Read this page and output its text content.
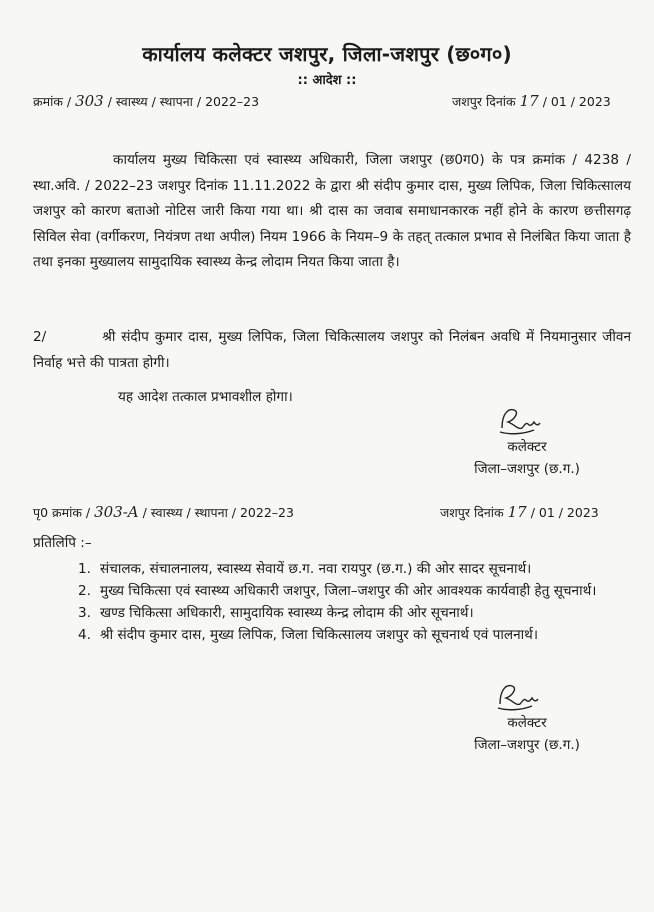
कार्यालय कलेक्टर जशपुर, जिला-जशपुर (छ०ग०)
:: आदेश ::
क्रमांक / 303 / स्वास्थ्य / स्थापना / 2022–23	जशपुर दिनांक 17 / 01 / 2023
कार्यालय मुख्य चिकित्सा एवं स्वास्थ्य अधिकारी, जिला जशपुर (छ0ग0) के पत्र क्रमांक / 4238 / स्था.अवि. / 2022–23 जशपुर दिनांक 11.11.2022 के द्वारा श्री संदीप कुमार दास, मुख्य लिपिक, जिला चिकित्सालय जशपुर को कारण बताओ नोटिस जारी किया गया था। श्री दास का जवाब समाधानकारक नहीं होने के कारण छत्तीसगढ़ सिविल सेवा (वर्गीकरण, नियंत्रण तथा अपील) नियम 1966 के नियम–9 के तहत् तत्काल प्रभाव से निलंबित किया जाता है तथा इनका मुख्यालय सामुदायिक स्वास्थ्य केन्द्र लोदाम नियत किया जाता है।
2/	श्री संदीप कुमार दास, मुख्य लिपिक, जिला चिकित्सालय जशपुर को निलंबन अवधि में नियमानुसार जीवन निर्वाह भत्ते की पात्रता होगी।
यह आदेश तत्काल प्रभावशील होगा।
कलेक्टर
जिला–जशपुर (छ.ग.)
पृ0 क्रमांक / 303-A / स्वास्थ्य / स्थापना / 2022–23	जशपुर दिनांक 17 / 01 / 2023
प्रतिलिपि :–
1. संचालक, संचालनालय, स्वास्थ्य सेवायें छ.ग. नवा रायपुर (छ.ग.) की ओर सादर सूचनार्थ।
2. मुख्य चिकित्सा एवं स्वास्थ्य अधिकारी जशपुर, जिला–जशपुर की ओर आवश्यक कार्यवाही हेतु सूचनार्थ।
3. खण्ड चिकित्सा अधिकारी, सामुदायिक स्वास्थ्य केन्द्र लोदाम की ओर सूचनार्थ।
4. श्री संदीप कुमार दास, मुख्य लिपिक, जिला चिकित्सालय जशपुर को सूचनार्थ एवं पालनार्थ।
कलेक्टर
जिला–जशपुर (छ.ग.)
